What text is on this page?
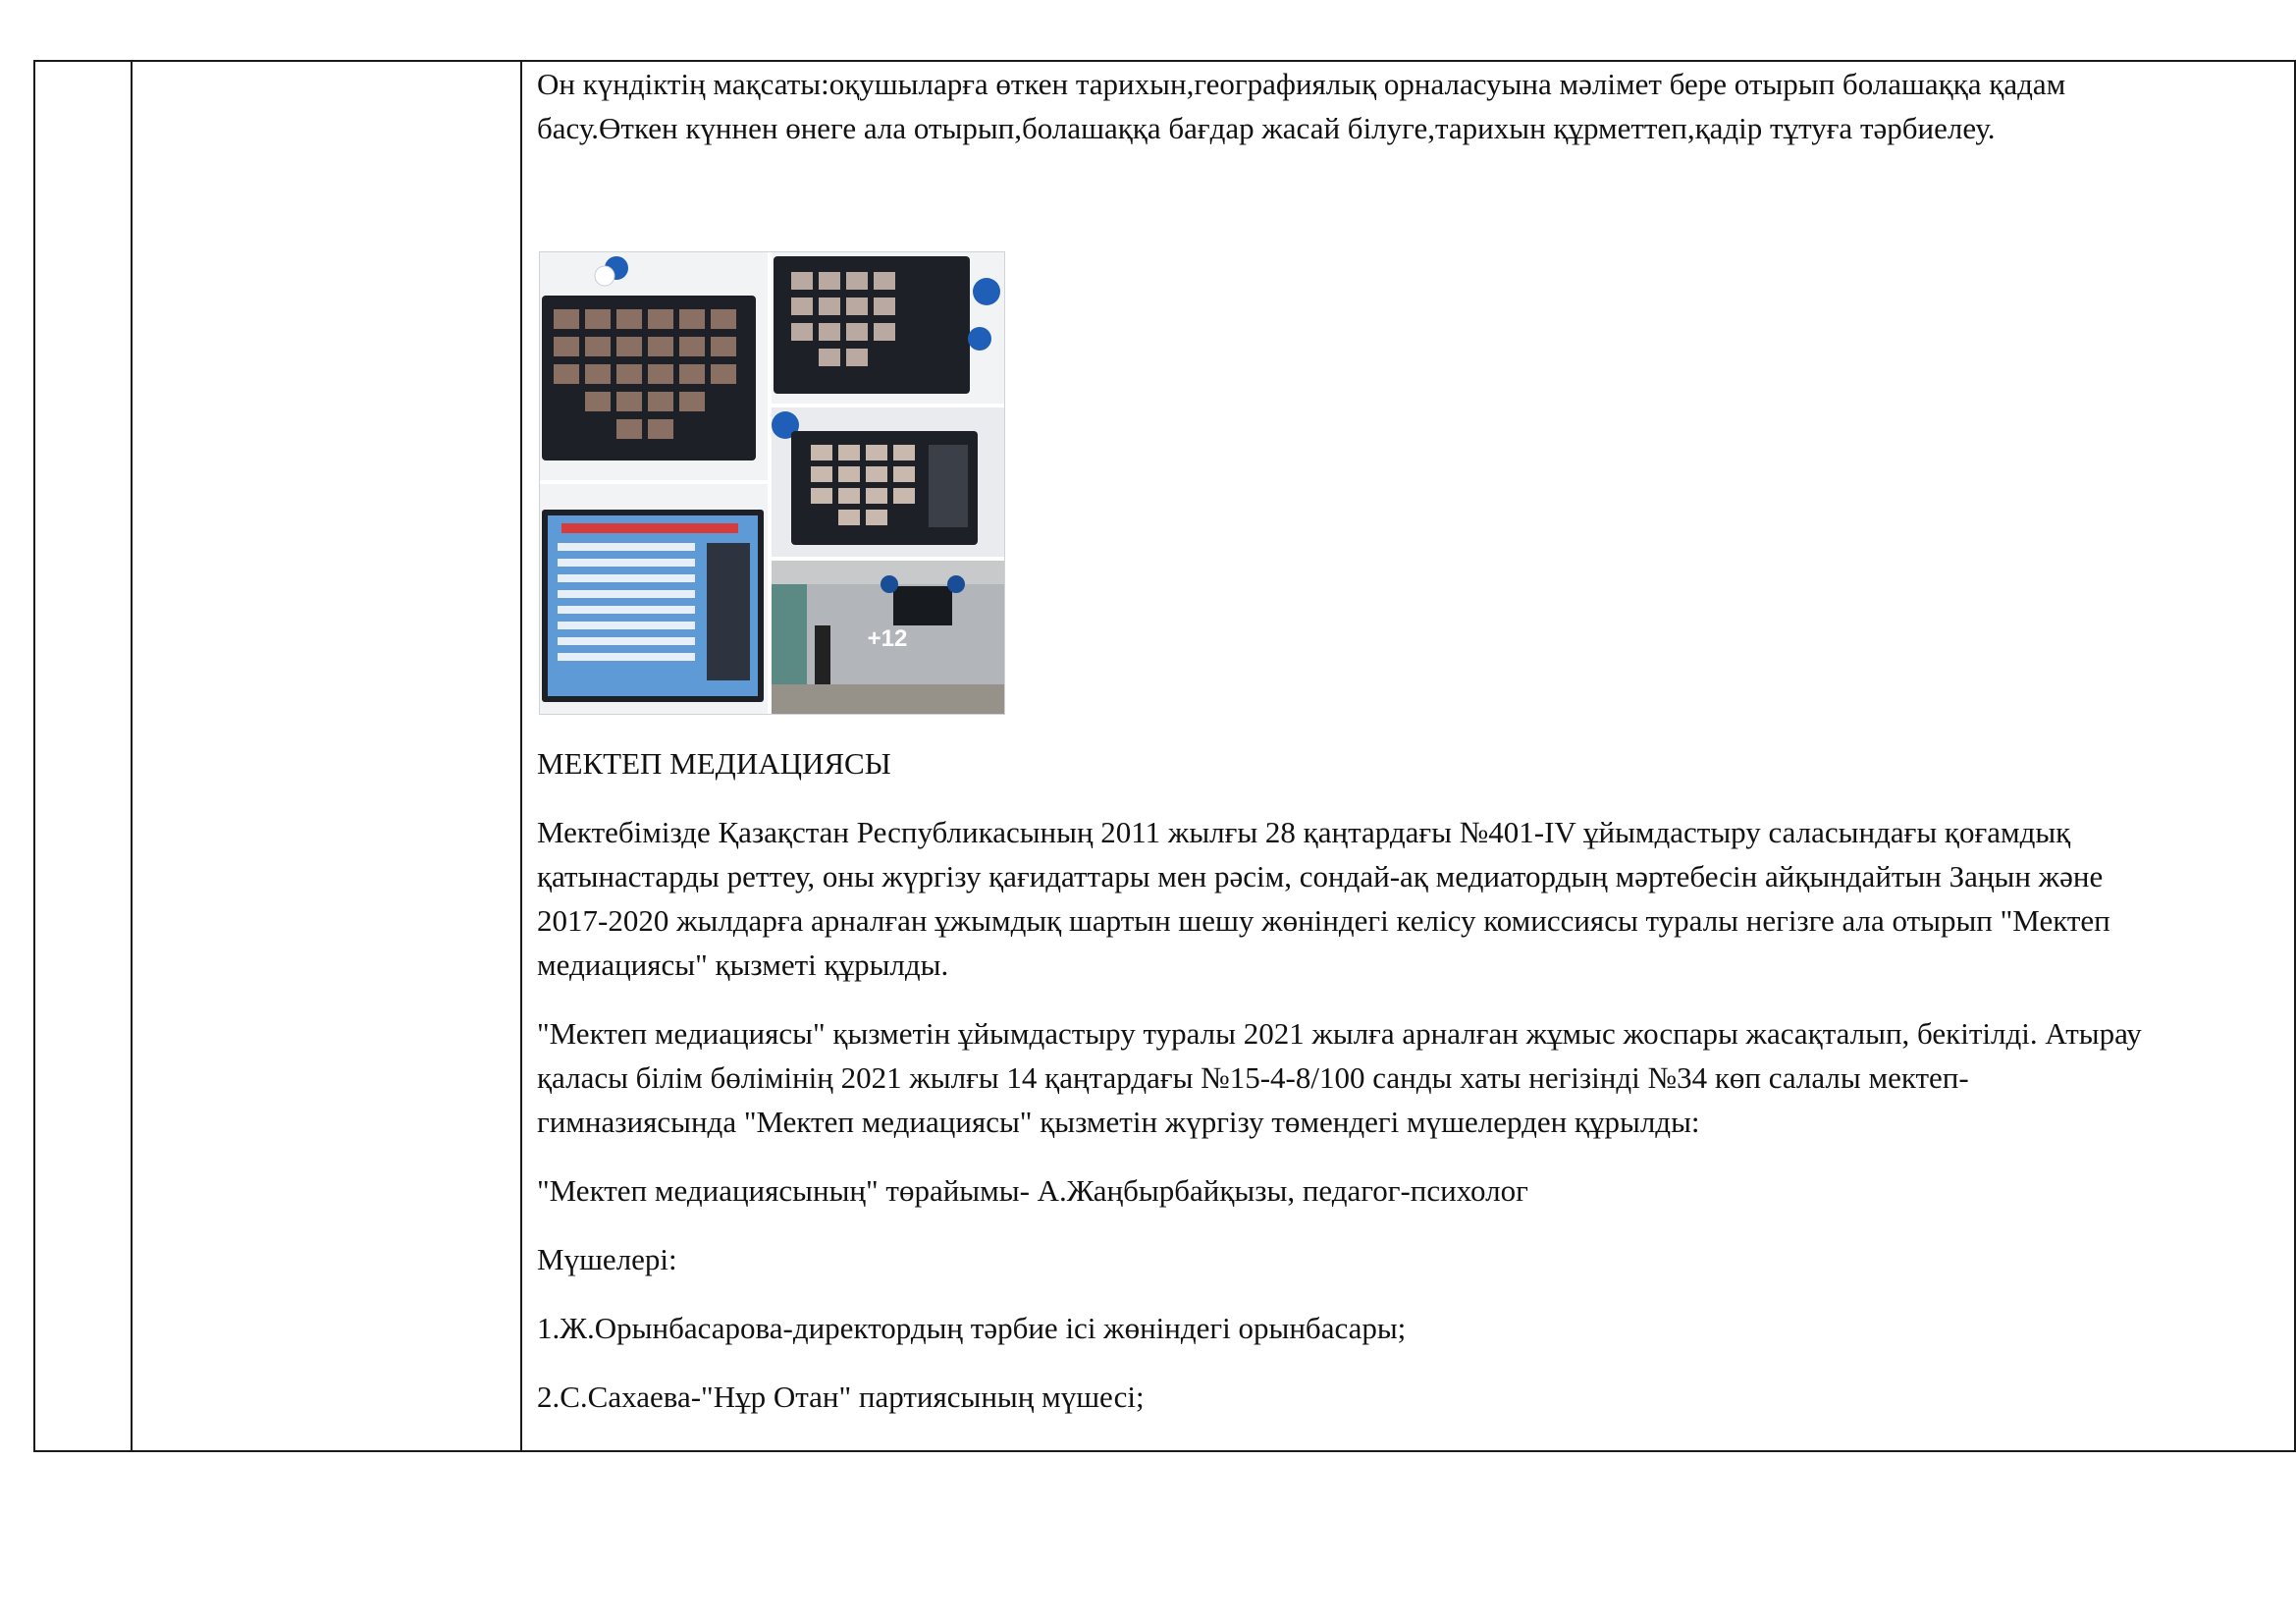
Он күндіктің мақсаты:оқушыларға өткен тарихын,географиялық орналасуына мәлімет бере отырып болашаққа қадам
басу.Өткен күннен өнеге ала отырып,болашаққа бағдар жасай білуге,тарихын құрметтеп,қадір тұтуға тәрбиелеу.

+12

МЕКТЕП МЕДИАЦИЯСЫ

Мектебімізде Қазақстан Республикасының 2011 жылғы 28 қаңтардағы №401-IV ұйымдастыру саласындағы қоғамдық
қатынастарды реттеу, оны жүргізу қағидаттары мен рәсім, сондай-ақ медиатордың мәртебесін айқындайтын Заңын және
2017-2020 жылдарға арналған ұжымдық шартын шешу жөніндегі келісу комиссиясы туралы негізге ала отырып "Мектеп
медиациясы" қызметі құрылды.

"Мектеп медиациясы" қызметін ұйымдастыру туралы 2021 жылға арналған жұмыс жоспары жасақталып, бекітілді. Атырау
қаласы білім бөлімінің 2021 жылғы 14 қаңтардағы №15-4-8/100 санды хаты негізінді №34 көп салалы мектеп-
гимназиясында "Мектеп медиациясы" қызметін жүргізу төмендегі мүшелерден құрылды:

"Мектеп медиациясының" төрайымы- А.Жаңбырбайқызы, педагог-психолог

Мүшелері:

1.Ж.Орынбасарова-директордың тәрбие ісі жөніндегі орынбасары;

2.С.Сахаева-"Нұр Отан" партиясының мүшесі;
